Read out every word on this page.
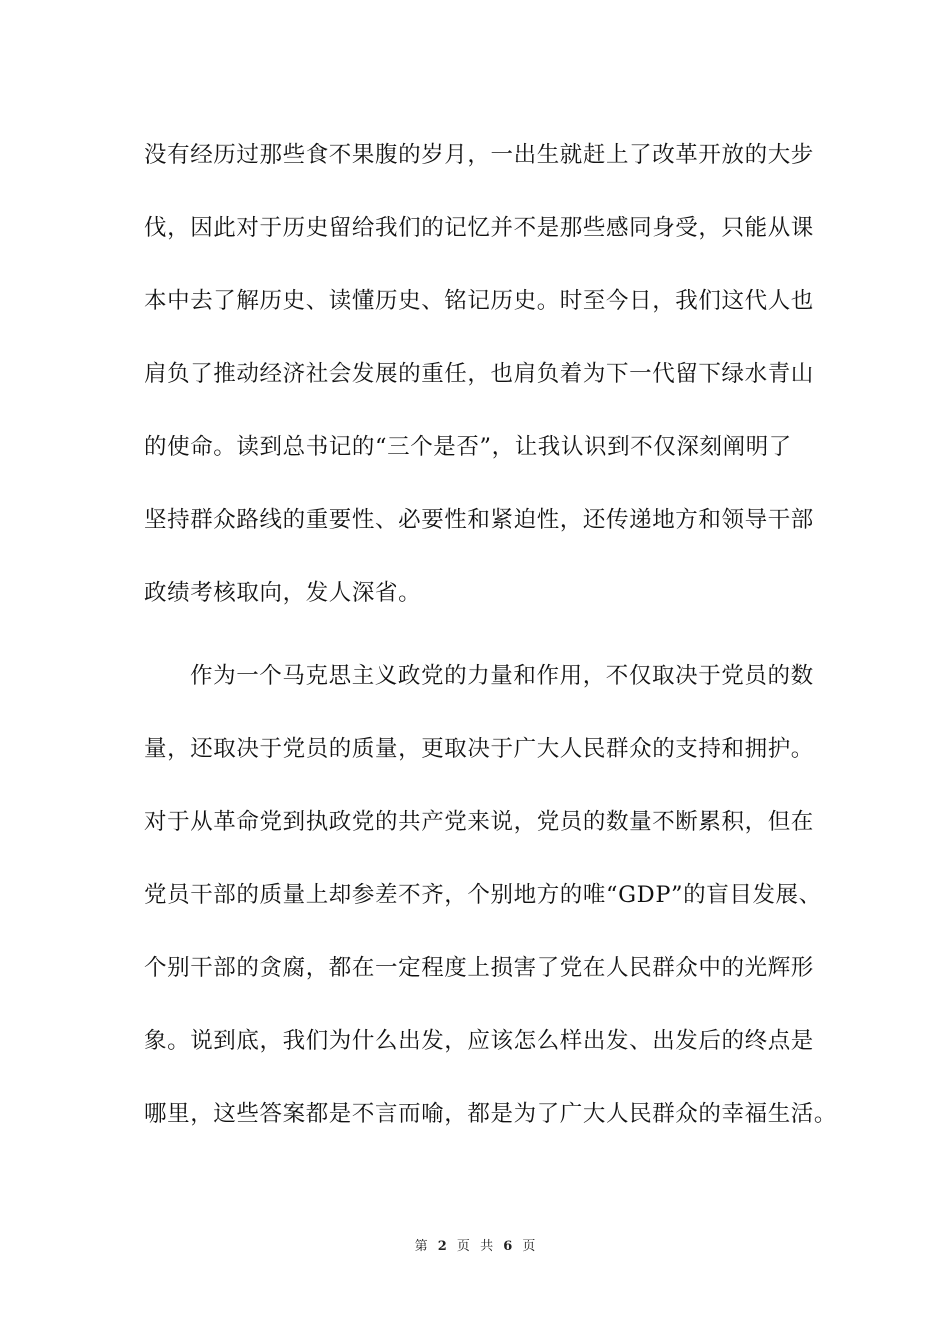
没有经历过那些食不果腹的岁月，一出生就赶上了改革开放的大步
伐，因此对于历史留给我们的记忆并不是那些感同身受，只能从课
本中去了解历史、读懂历史、铭记历史。时至今日，我们这代人也
肩负了推动经济社会发展的重任，也肩负着为下一代留下绿水青山
的使命。读到总书记的“三个是否”，让我认识到不仅深刻阐明了
坚持群众路线的重要性、必要性和紧迫性，还传递地方和领导干部
政绩考核取向，发人深省。
作为一个马克思主义政党的力量和作用，不仅取决于党员的数
量，还取决于党员的质量，更取决于广大人民群众的支持和拥护。
对于从革命党到执政党的共产党来说，党员的数量不断累积，但在
党员干部的质量上却参差不齐，个别地方的唯“GDP”的盲目发展、
个别干部的贪腐，都在一定程度上损害了党在人民群众中的光辉形
象。说到底，我们为什么出发，应该怎么样出发、出发后的终点是
哪里，这些答案都是不言而喻，都是为了广大人民群众的幸福生活。
第 2 页 共 6 页
